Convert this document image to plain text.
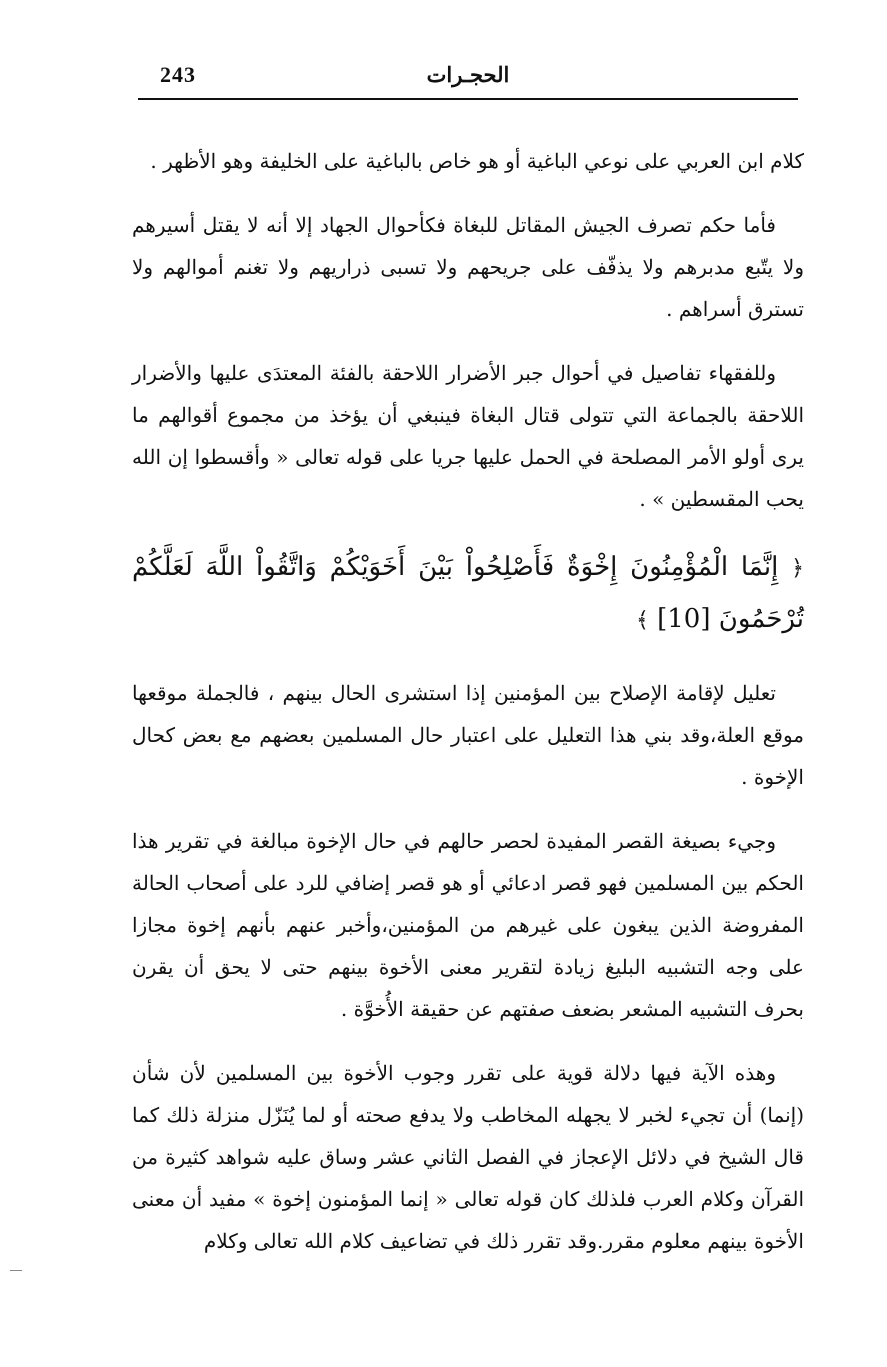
243	الحجـرات

كلام ابن العربي على نوعي الباغية أو هو خاص بالباغية على الخليفة وهو الأظهر .

فأما حكم تصرف الجيش المقاتل للبغاة فكأحوال الجهاد إلا أنه لا يقتل أسيرهم ولا يتّبع مدبرهم ولا يذفّف على جريحهم ولا تسبى ذراريهم ولا تغنم أموالهم ولا تسترق أسراهم .

وللفقهاء تفاصيل في أحوال جبر الأضرار اللاحقة بالفئة المعتدَى عليها والأضرار اللاحقة بالجماعة التي تتولى قتال البغاة فينبغي أن يؤخذ من مجموع أقوالهم ما يرى أولو الأمر المصلحة في الحمل عليها جريا على قوله تعالى « وأقسطوا إن الله يحب المقسطين » .

﴿ إِنَّمَا الْمُؤْمِنُونَ إِخْوَةٌ فَأَصْلِحُواْ بَيْنَ أَخَوَيْكُمْ وَاتَّقُواْ اللَّهَ لَعَلَّكُمْ تُرْحَمُونَ [10] ﴾

تعليل لإقامة الإصلاح بين المؤمنين إذا استشرى الحال بينهم ، فالجملة موقعها موقع العلة،وقد بني هذا التعليل على اعتبار حال المسلمين بعضهم مع بعض كحال الإخوة .

وجيء بصيغة القصر المفيدة لحصر حالهم في حال الإخوة مبالغة في تقرير هذا الحكم بين المسلمين فهو قصر ادعائي أو هو قصر إضافي للرد على أصحاب الحالة المفروضة الذين يبغون على غيرهم من المؤمنين،وأخبر عنهم بأنهم إخوة مجازا على وجه التشبيه البليغ زيادة لتقرير معنى الأخوة بينهم حتى لا يحق أن يقرن بحرف التشبيه المشعر بضعف صفتهم عن حقيقة الأُخوَّة .

وهذه الآية فيها دلالة قوية على تقرر وجوب الأخوة بين المسلمين لأن شأن (إنما) أن تجيء لخبر لا يجهله المخاطب ولا يدفع صحته أو لما يُنَزّل منزلة ذلك كما قال الشيخ في دلائل الإعجاز في الفصل الثاني عشر وساق عليه شواهد كثيرة من القرآن وكلام العرب فلذلك كان قوله تعالى « إنما المؤمنون إخوة » مفيد أن معنى الأخوة بينهم معلوم مقرر.وقد تقرر ذلك في تضاعيف كلام الله تعالى وكلام
